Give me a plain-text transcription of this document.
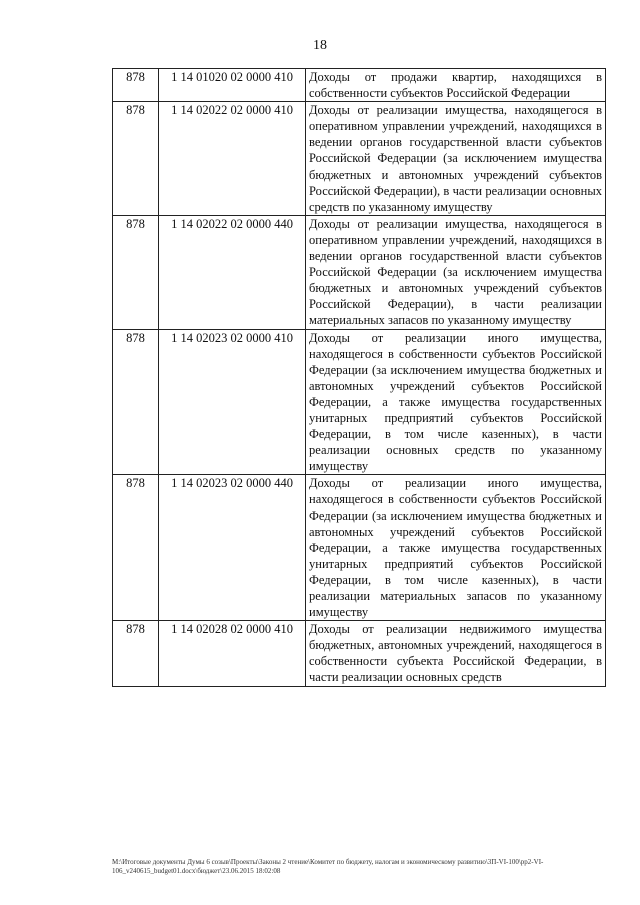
18
878	1 14 01020 02 0000 410	Доходы от продажи квартир, находящихся в собственности субъектов Российской Федерации
878	1 14 02022 02 0000 410	Доходы от реализации имущества, находящегося в оперативном управлении учреждений, находящихся в ведении органов государственной власти субъектов Российской Федерации (за исключением имущества бюджетных и автономных учреждений субъектов Российской Федерации), в части реализации основных средств по указанному имуществу
878	1 14 02022 02 0000 440	Доходы от реализации имущества, находящегося в оперативном управлении учреждений, находящихся в ведении органов государственной власти субъектов Российской Федерации (за исключением имущества бюджетных и автономных учреждений субъектов Российской Федерации), в части реализации материальных запасов по указанному имуществу
878	1 14 02023 02 0000 410	Доходы от реализации иного имущества, находящегося в собственности субъектов Российской Федерации (за исключением имущества бюджетных и автономных учреждений субъектов Российской Федерации, а также имущества государственных унитарных предприятий субъектов Российской Федерации, в том числе казенных), в части реализации основных средств по указанному имуществу
878	1 14 02023 02 0000 440	Доходы от реализации иного имущества, находящегося в собственности субъектов Российской Федерации (за исключением имущества бюджетных и автономных учреждений субъектов Российской Федерации, а также имущества государственных унитарных предприятий субъектов Российской Федерации, в том числе казенных), в части реализации материальных запасов по указанному имуществу
878	1 14 02028 02 0000 410	Доходы от реализации недвижимого имущества бюджетных, автономных учреждений, находящегося в собственности субъекта Российской Федерации, в части реализации основных средств
M:\Итоговые документы Думы 6 созыв\Проекты\Законы 2 чтение\Комитет по бюджету, налогам и экономическому развитию\3П-VI-100\рр2-VI-106_v240615_budget01.docx\бюджет\23.06.2015 18:02:08
